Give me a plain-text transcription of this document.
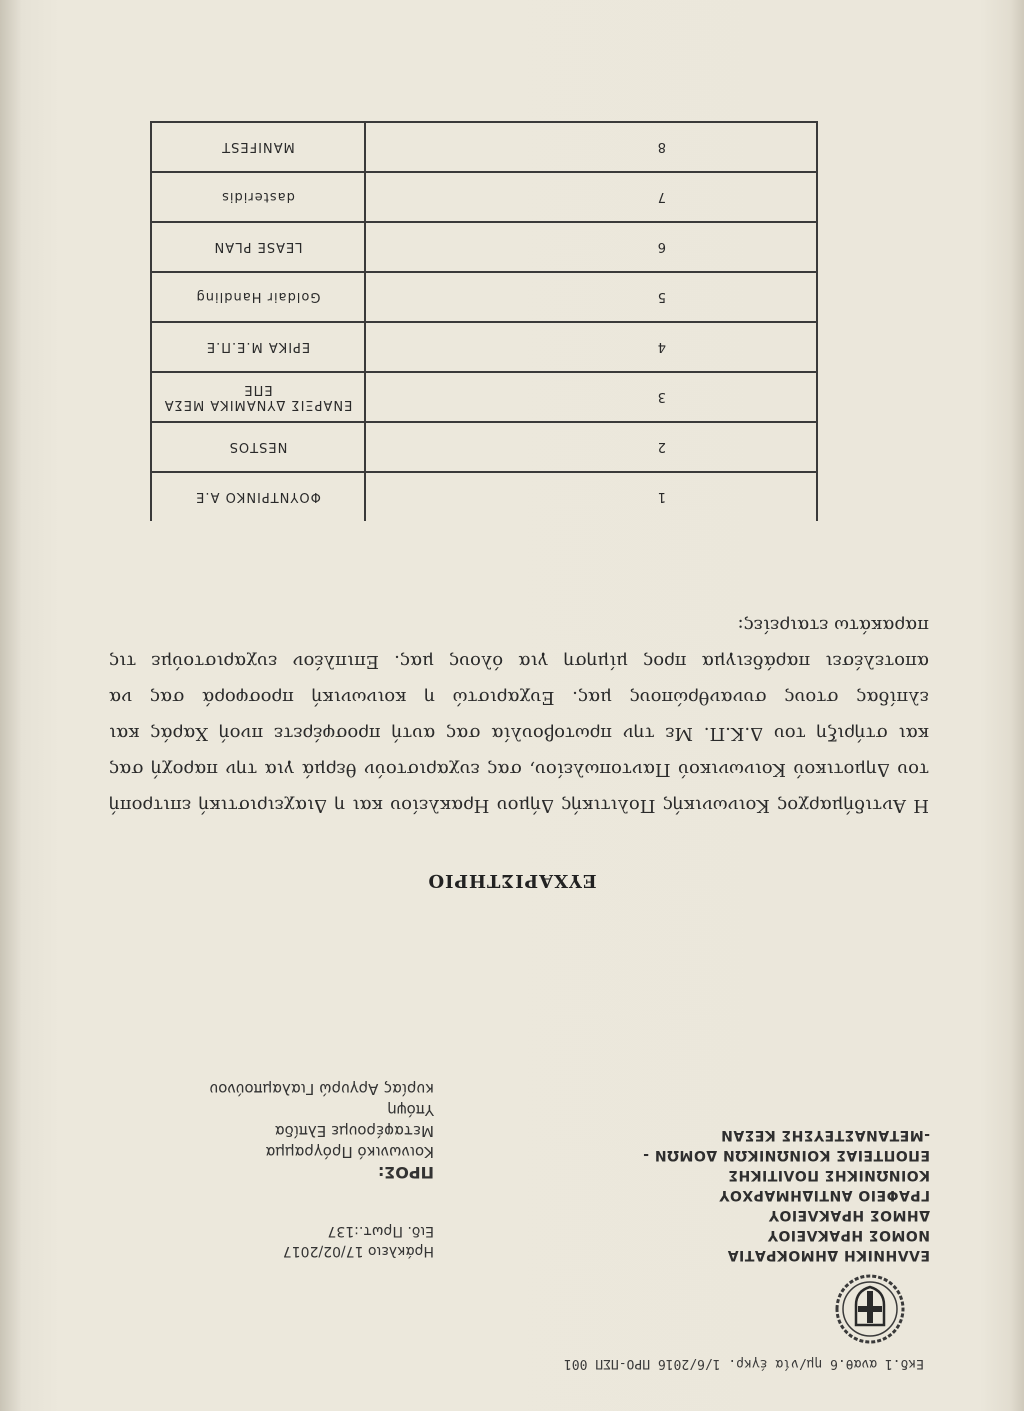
Εκδ.1 αναθ.6 ημ/νία έγκρ. 1/6/2016 ΠΡΟ-ΠΣΠ 001
ΕΛΛΗΝΙΚΗ ΔΗΜΟΚΡΑΤΙΑ
ΝΟΜΟΣ ΗΡΑΚΛΕΙΟΥ
ΔΗΜΟΣ ΗΡΑΚΛΕΙΟΥ
ΓΡΑΦΕΙΟ ΑΝΤΙΔΗΜΑΡΧΟΥ
ΚΟΙΝΩΝΙΚΗΣ ΠΟΛΙΤΙΚΗΣ
ΕΠΟΠΤΕΙΑΣ ΚΟΙΝΩΝΙΚΩΝ ΔΟΜΩΝ -
-ΜΕΤΑΝΑΣΤΕΥΣΗΣ ΚΕΣΑΝ
Ηράκλειο 17/02/2017
Ειδ. Πρωτ.:137
ΠΡΟΣ:
Κοινωνικό Πρόγραμμα
Μεταφέρουμε Ελπίδα
Υπόψη
κυρίας Αργυρώ Γιαλαμπούνου
ΕΥΧΑΡΙΣΤΗΡΙΟ
Η Αντιδήμαρχος Κοινωνικής Πολιτικής Δήμου Ηρακλείου και η Διαχειριστική επιτροπή του Δημοτικού Κοινωνικού Παντοπωλείου, σας ευχαριστούν θερμά για την παροχή σας και στήριξη του Δ.Κ.Π. Με την πρωτοβουλία σας αυτή προσφέρετε πνοή Χαράς και ελπίδας στους συνανθρώπους μας. Ευχαριστώ η κοινωνική προσφορά σας να αποτελέσει παράδειγμα προς μίμηση για όλους μας. Επιπλέον ευχαριστούμε τις παρακάτω εταιρείες:
1	ΦΟΥΝΤΡΙΝΚΟ Α.Ε
2	NESTOS
3	ΕΝΑΡΞΙΣ ΔΥΝΑΜΙΚΑ ΜΕΣΑ ΕΠΕ
4	ΕΡΙΚΑ Μ.Ε.Π.Ε
5	Goldair Handling
6	LEASE PLAN
7	dasteridis
8	MANIFEST
